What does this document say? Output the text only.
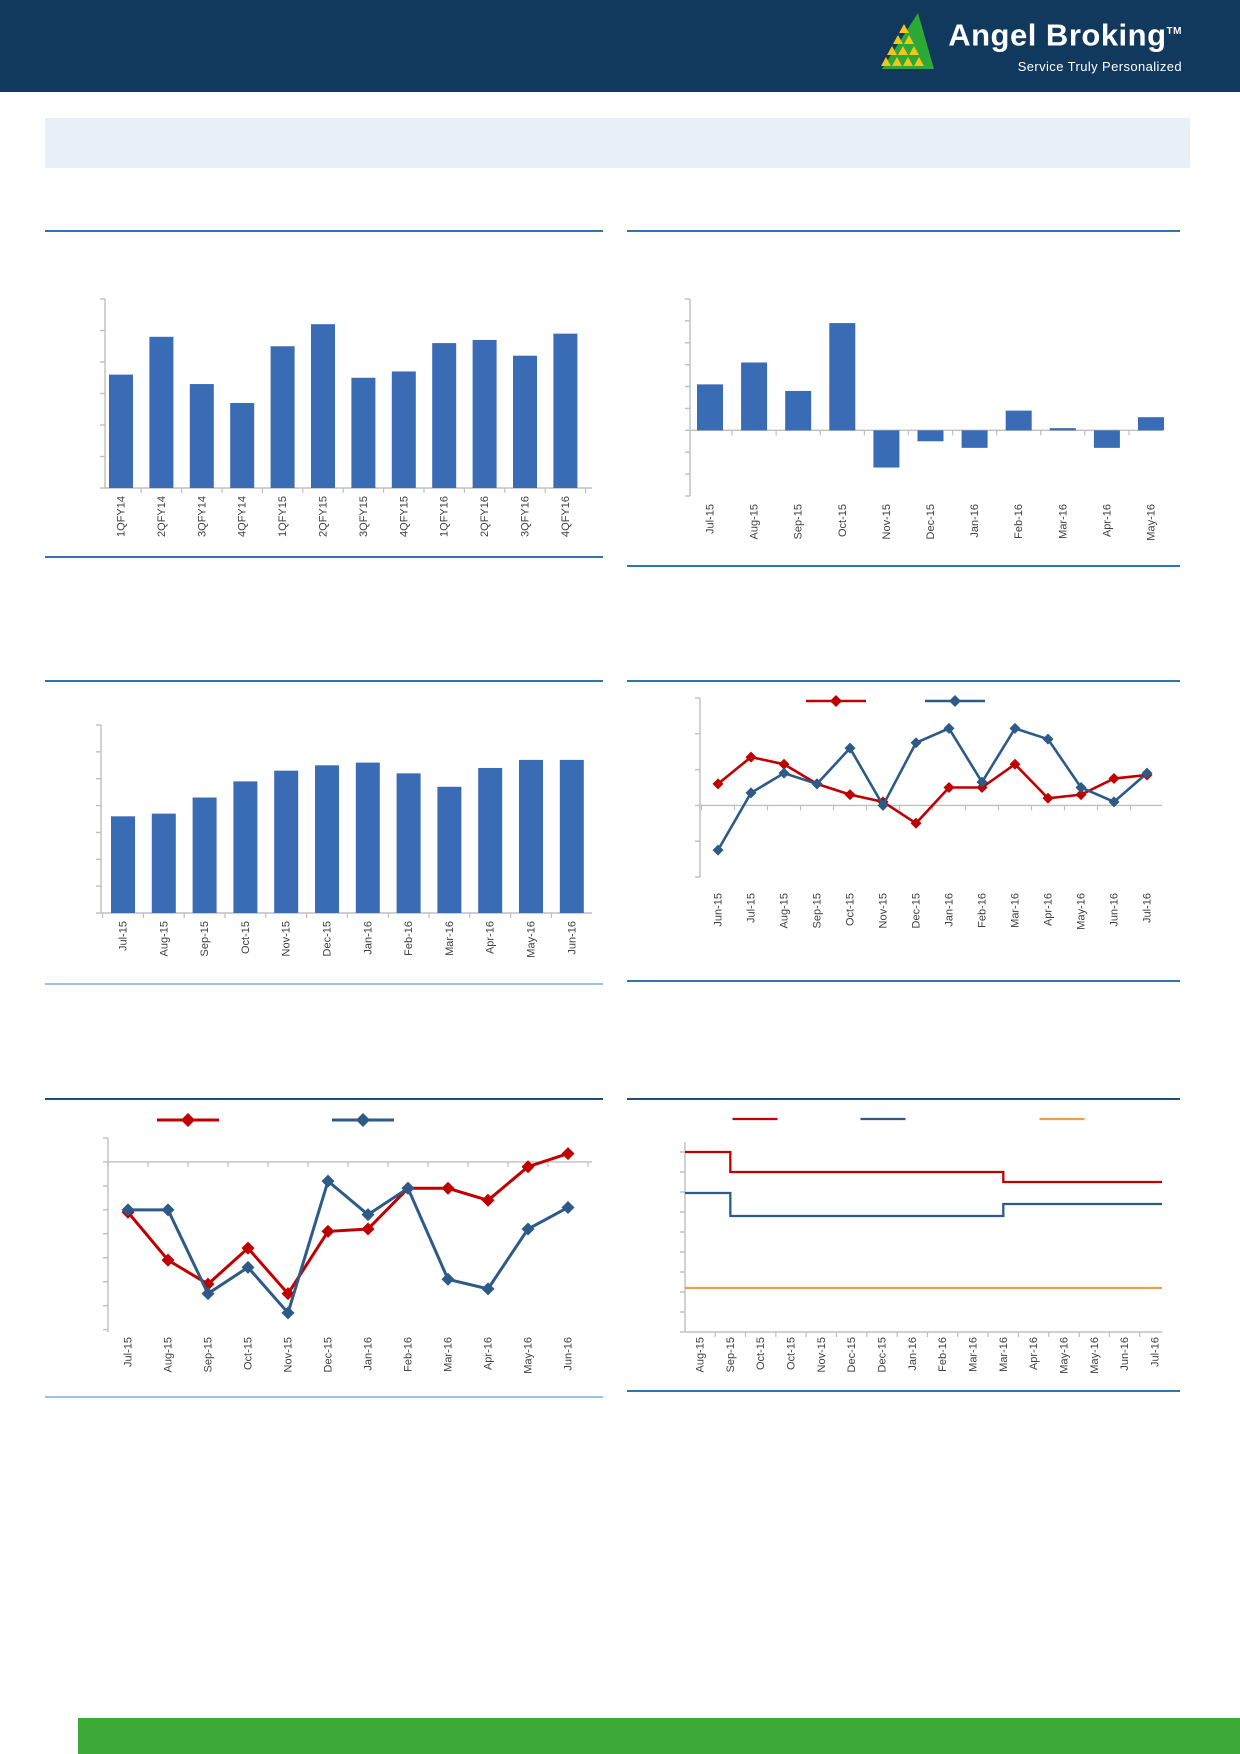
Angel Broking™
Service Truly Personalized
1QFY14	2QFY14	3QFY14	4QFY14	1QFY15	2QFY15	3QFY15	4QFY15	1QFY16	2QFY16	3QFY16	4QFY16	Jul-15	Aug-15	Sep-15	Oct-15	Nov-15	Dec-15	Jan-16	Feb-16	Mar-16	Apr-16	May-16
Jul-15	Aug-15	Sep-15	Oct-15	Nov-15	Dec-15	Jan-16	Feb-16	Mar-16	Apr-16	May-16	Jun-16
Jun-15 Jul-15 Aug-15 Sep-15 Oct-15 Nov-15 Dec-15 Jan-16 Feb-16 Mar-16 Apr-16 May-16 Jun-16 Jul-16
Jul-15	Aug-15	Sep-15	Oct-15	Nov-15	Dec-15	Jan-16	Feb-16	Mar-16	Apr-16	May-16	Jun-16	Aug-15 Sep-15 Oct-15 Oct-15 Nov-15 Dec-15 Dec-15 Jan-16 Feb-16 Mar-16 Mar-16 Apr-16 May-16 May-16 Jun-16 Jul-16
